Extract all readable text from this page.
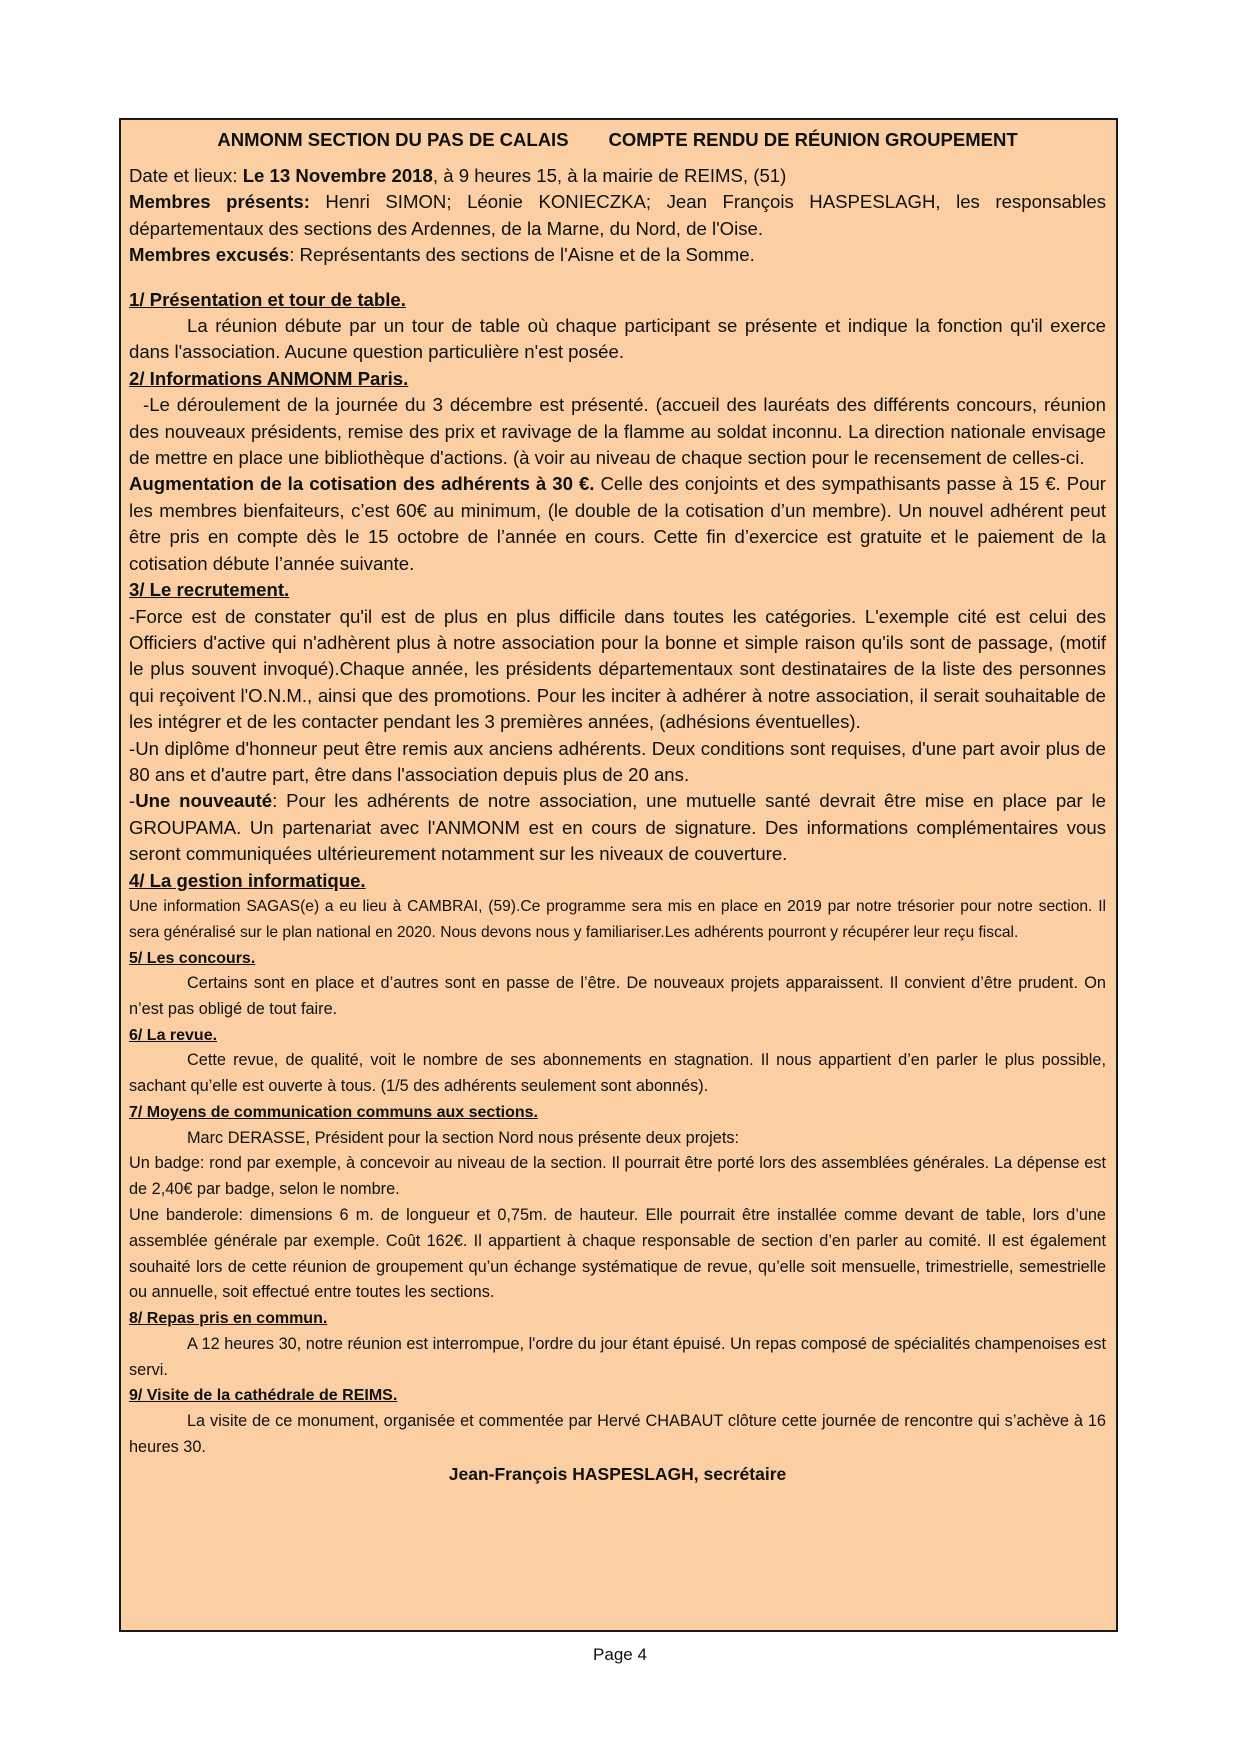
ANMONM SECTION DU PAS DE CALAIS COMPTE RENDU DE RÉUNION GROUPEMENT

Date et lieux: Le 13 Novembre 2018, à 9 heures 15, à la mairie de REIMS, (51)

Membres présents: Henri SIMON; Léonie KONIECZKA; Jean François HASPESLAGH, les responsables départementaux des sections des Ardennes, de la Marne, du Nord, de l'Oise.

Membres excusés: Représentants des sections de l'Aisne et de la Somme.

1/ Présentation et tour de table.

La réunion débute par un tour de table où chaque participant se présente et indique la fonction qu'il exerce dans l'association. Aucune question particulière n'est posée.

2/ Informations ANMONM Paris.

-Le déroulement de la journée du 3 décembre est présenté. (accueil des lauréats des différents concours, réunion des nouveaux présidents, remise des prix et ravivage de la flamme au soldat inconnu. La direction nationale envisage de mettre en place une bibliothèque d'actions. (à voir au niveau de chaque section pour le recensement de celles-ci.

Augmentation de la cotisation des adhérents à 30 €. Celle des conjoints et des sympathisants passe à 15 €. Pour les membres bienfaiteurs, c’est 60€ au minimum, (le double de la cotisation d’un membre). Un nouvel adhérent peut être pris en compte dès le 15 octobre de l’année en cours. Cette fin d’exercice est gratuite et le paiement de la cotisation débute l’année suivante.

3/ Le recrutement.

-Force est de constater qu'il est de plus en plus difficile dans toutes les catégories. L'exemple cité est celui des Officiers d'active qui n'adhèrent plus à notre association pour la bonne et simple raison qu'ils sont de passage, (motif le plus souvent invoqué).Chaque année, les présidents départementaux sont destinataires de la liste des personnes qui reçoivent l'O.N.M., ainsi que des promotions. Pour les inciter à adhérer à notre association, il serait souhaitable de les intégrer et de les contacter pendant les 3 premières années, (adhésions éventuelles).

-Un diplôme d'honneur peut être remis aux anciens adhérents. Deux conditions sont requises, d'une part avoir plus de 80 ans et d'autre part, être dans l'association depuis plus de 20 ans.

-Une nouveauté: Pour les adhérents de notre association, une mutuelle santé devrait être mise en place par le GROUPAMA. Un partenariat avec l'ANMONM est en cours de signature. Des informations complémentaires vous seront communiquées ultérieurement notamment sur les niveaux de couverture.

4/ La gestion informatique.

Une information SAGAS(e) a eu lieu à CAMBRAI, (59).Ce programme sera mis en place en 2019 par notre trésorier pour notre section. Il sera généralisé sur le plan national en 2020. Nous devons nous y familiariser.Les adhérents pourront y récupérer leur reçu fiscal.

5/ Les concours.

Certains sont en place et d’autres sont en passe de l’être. De nouveaux projets apparaissent. Il convient d’être prudent. On n’est pas obligé de tout faire.

6/ La revue.

Cette revue, de qualité, voit le nombre de ses abonnements en stagnation. Il nous appartient d’en parler le plus possible, sachant qu’elle est ouverte à tous. (1/5 des adhérents seulement sont abonnés).

7/ Moyens de communication communs aux sections.

Marc DERASSE, Président pour la section Nord nous présente deux projets:

Un badge: rond par exemple, à concevoir au niveau de la section. Il pourrait être porté lors des assemblées générales. La dépense est de 2,40€ par badge, selon le nombre.

Une banderole: dimensions 6 m. de longueur et 0,75m. de hauteur. Elle pourrait être installée comme devant de table, lors d’une assemblée générale par exemple. Coût 162€. Il appartient à chaque responsable de section d’en parler au comité. Il est également souhaité lors de cette réunion de groupement qu’un échange systématique de revue, qu’elle soit mensuelle, trimestrielle, semestrielle ou annuelle, soit effectué entre toutes les sections.

8/ Repas pris en commun.

A 12 heures 30, notre réunion est interrompue, l'ordre du jour étant épuisé. Un repas composé de spécialités champenoises est servi.

9/ Visite de la cathédrale de REIMS.

La visite de ce monument, organisée et commentée par Hervé CHABAUT clôture cette journée de rencontre qui s’achève à 16 heures 30.

Jean-François HASPESLAGH, secrétaire

Page 4
